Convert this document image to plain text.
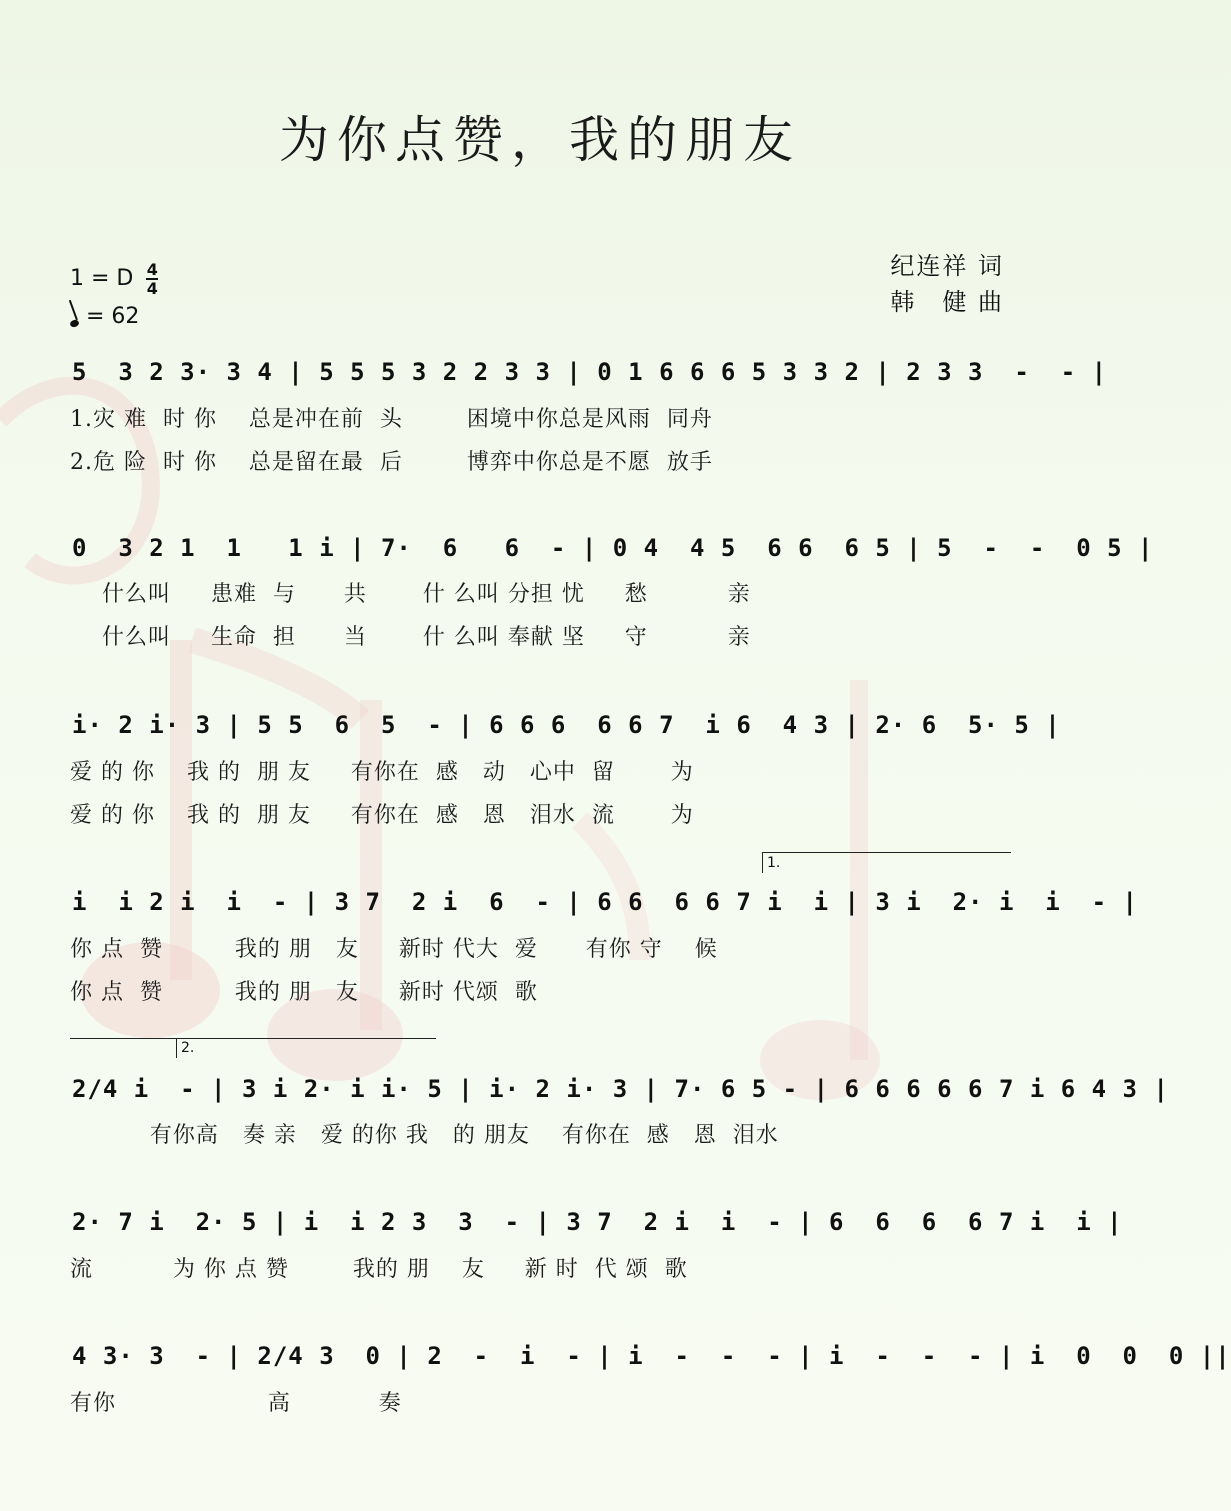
为你点赞，我的朋友
1 = D $\frac{4}{4}$
= 62
纪连祥 词
韩　健 曲
5  3 2 3· 3 4 | 5 5 5 3 2 2 3 3 | 0 1 6 6 6 5 3 3 2 | 2 3 3  -  - |
1.灾 难  时 你    总是冲在前  头        困境中你总是风雨  同舟
2.危 险  时 你    总是留在最  后        博弈中你总是不愿  放手
0  3 2 1  1   1 i | 7·  6   6  - | 0 4  4 5  6 6  6 5 | 5  -  -  0 5 |
什么叫     患难  与      共       什 么叫 分担 忧     愁          亲
什么叫     生命  担      当       什 么叫 奉献 坚     守          亲
i· 2 i· 3 | 5 5  6  5  - | 6 6 6  6 6 7  i 6  4 3 | 2· 6  5· 5 |
爱 的 你    我 的  朋 友     有你在  感   动   心中  留       为
爱 的 你    我 的  朋 友     有你在  感   恩   泪水  流       为
1.
i  i 2 i  i  - | 3 7  2 i  6  - | 6 6  6 6 7 i  i | 3 i  2· i  i  - |
你 点  赞         我的 朋   友     新时 代大  爱      有你 守    候
你 点  赞         我的 朋   友     新时 代颂  歌
2.
2/4 i  - | 3 i 2· i i· 5 | i· 2 i· 3 | 7· 6 5 - | 6 6 6 6 6 7 i 6 4 3 |
有你高   奏 亲   爱 的你 我   的 朋友    有你在  感   恩  泪水
2· 7 i  2· 5 | i  i 2 3  3  - | 3 7  2 i  i  - | 6  6  6  6 7 i  i |
流          为 你 点 赞        我的 朋    友     新 时  代 颂  歌
4 3· 3  - | 2/4 3  0 | 2  -  i  - | i  -  -  - | i  -  -  - | i  0  0  0 ||
有你                   高           奏
